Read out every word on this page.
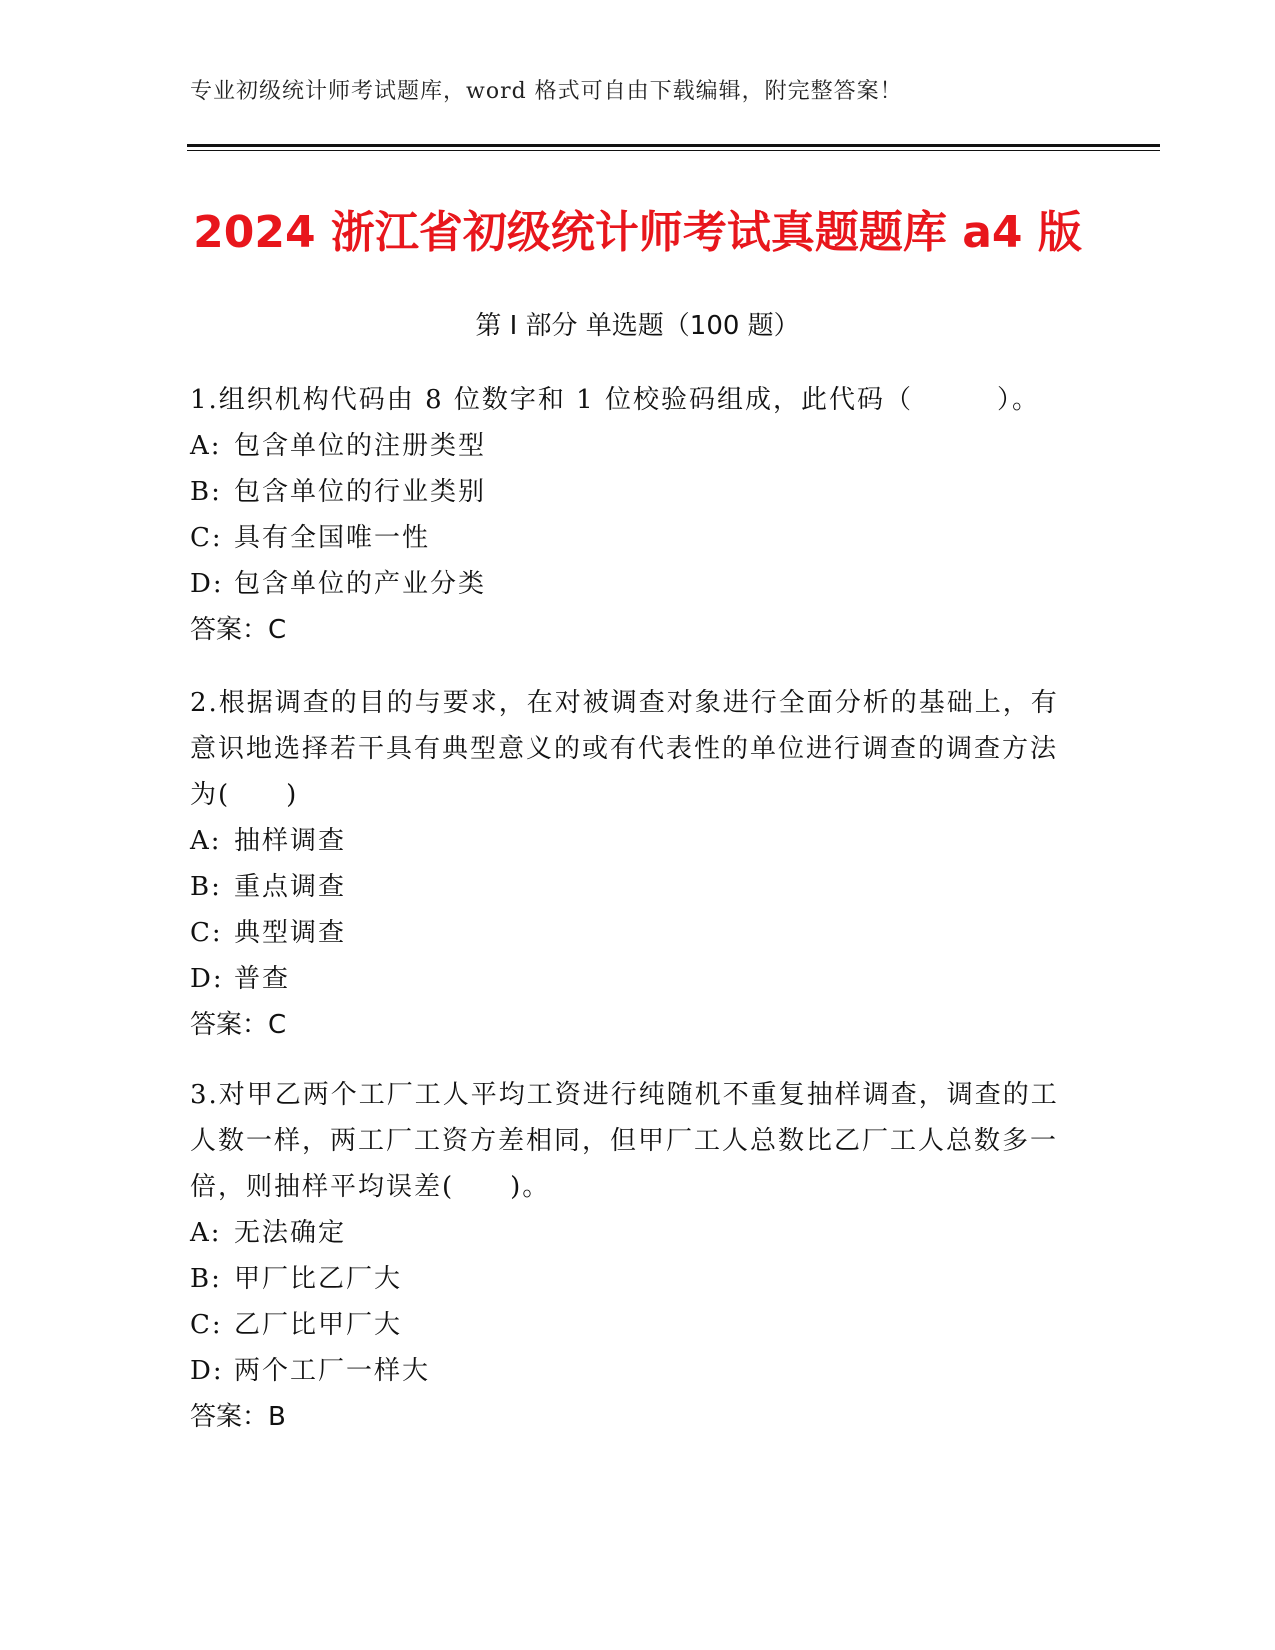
专业初级统计师考试题库，word 格式可自由下载编辑，附完整答案！
2024 浙江省初级统计师考试真题题库 a4 版
第 I 部分 单选题（100 题）

1.组织机构代码由 8 位数字和 1 位校验码组成，此代码（　　　）。

A: 包含单位的注册类型

B: 包含单位的行业类别

C: 具有全国唯一性

D: 包含单位的产业分类

答案：C

2.根据调查的目的与要求，在对被调查对象进行全面分析的基础上，有意识地选择若干具有典型意义的或有代表性的单位进行调查的调查方法为(　　)

A: 抽样调查

B: 重点调查

C: 典型调查

D: 普查

答案：C

3.对甲乙两个工厂工人平均工资进行纯随机不重复抽样调查，调查的工人数一样，两工厂工资方差相同，但甲厂工人总数比乙厂工人总数多一倍，则抽样平均误差(　　)。

A: 无法确定

B: 甲厂比乙厂大

C: 乙厂比甲厂大

D: 两个工厂一样大

答案：B
